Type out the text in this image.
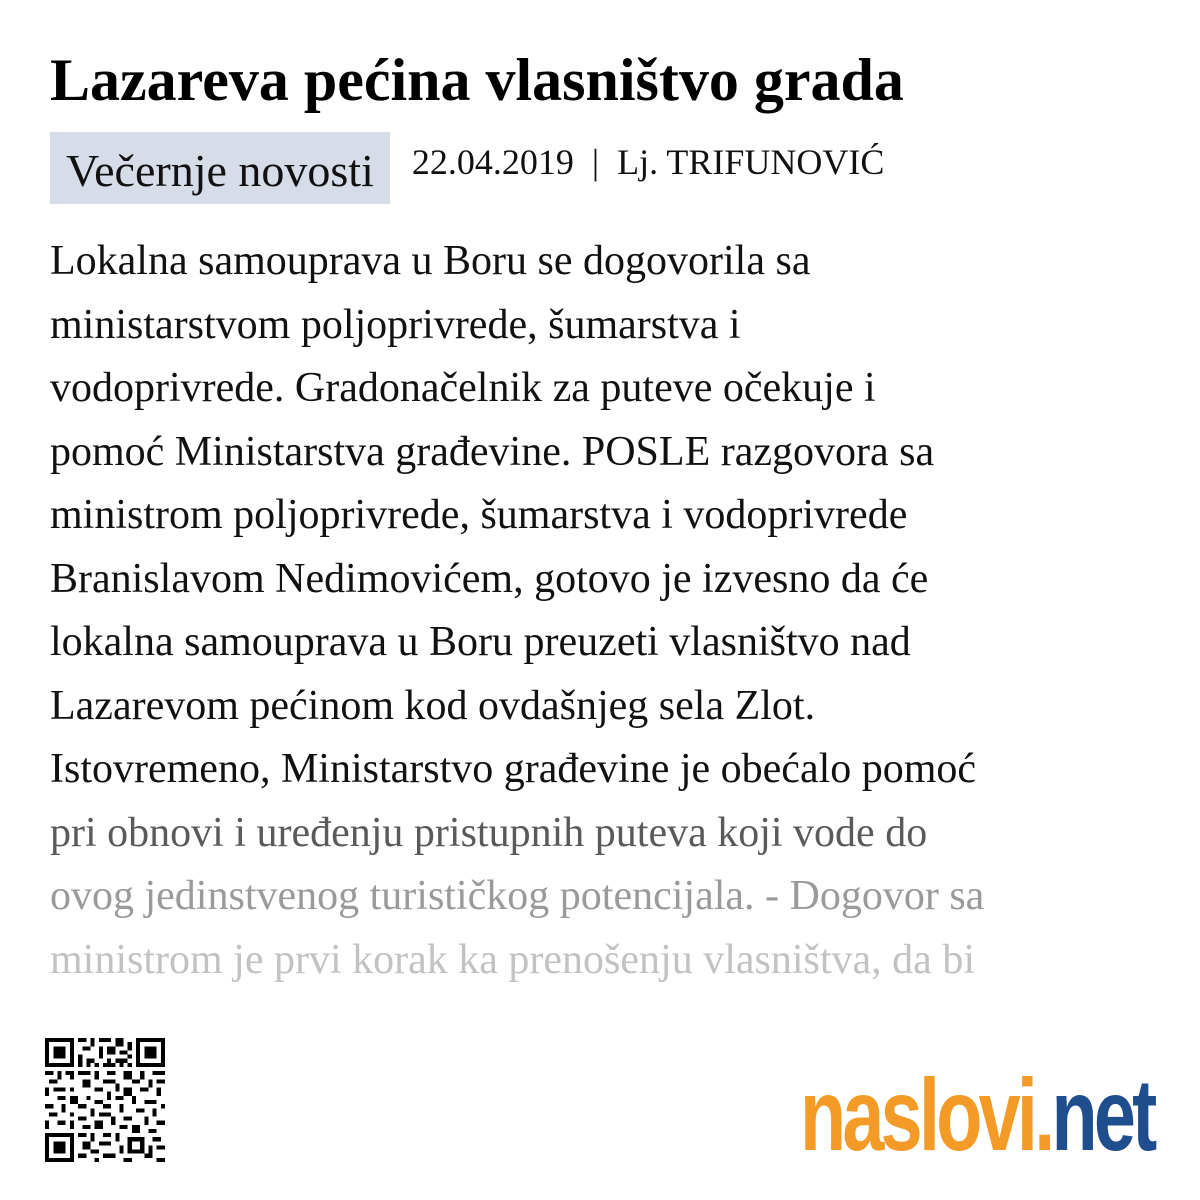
Lazareva pećina vlasništvo grada
Večernje novosti	22.04.2019 | Lj. TRIFUNOVIĆ
Lokalna samouprava u Boru se dogovorila sa
ministarstvom poljoprivrede, šumarstva i
vodoprivrede. Gradonačelnik za puteve očekuje i
pomoć Ministarstva građevine. POSLE razgovora sa
ministrom poljoprivrede, šumarstva i vodoprivrede
Branislavom Nedimovićem, gotovo je izvesno da će
lokalna samouprava u Boru preuzeti vlasništvo nad
Lazarevom pećinom kod ovdašnjeg sela Zlot.
Istovremeno, Ministarstvo građevine je obećalo pomoć
pri obnovi i uređenju pristupnih puteva koji vode do
ovog jedinstvenog turističkog potencijala. - Dogovor sa
ministrom je prvi korak ka prenošenju vlasništva, da bi
naslovi.net
